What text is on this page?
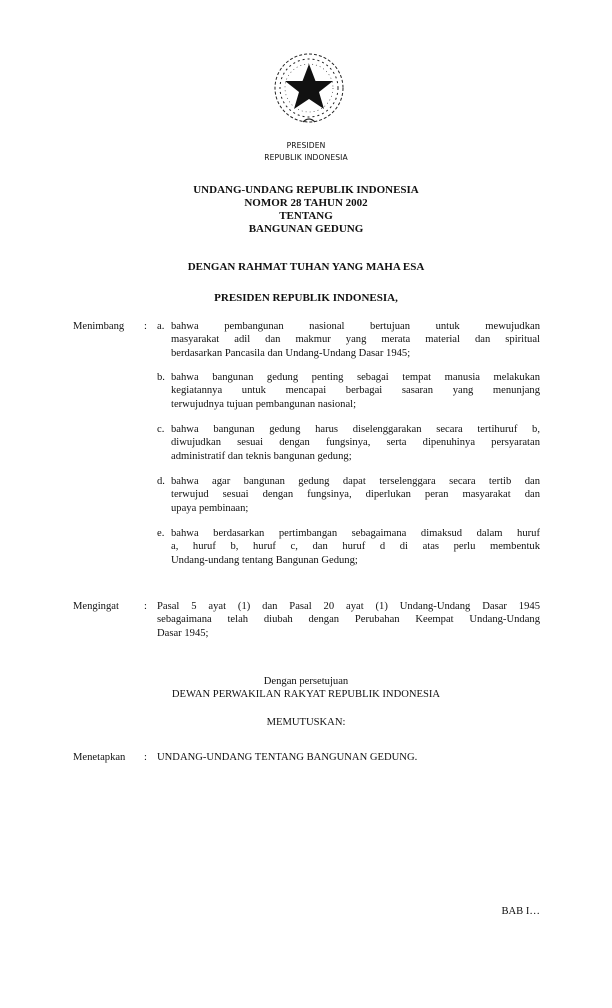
PRESIDEN
REPUBLIK INDONESIA
UNDANG-UNDANG REPUBLIK INDONESIA
NOMOR 28 TAHUN 2002
TENTANG
BANGUNAN GEDUNG
DENGAN RAHMAT TUHAN YANG MAHA ESA
PRESIDEN REPUBLIK INDONESIA,
Menimbang : a. bahwa pembangunan nasional bertujuan untuk mewujudkan
masyarakat adil dan makmur yang merata material dan spiritual
berdasarkan Pancasila dan Undang-Undang Dasar 1945;
b. bahwa bangunan gedung penting sebagai tempat manusia melakukan
kegiatannya untuk mencapai berbagai sasaran yang menunjang
terwujudnya tujuan pembangunan nasional;
c. bahwa bangunan gedung harus diselenggarakan secara tertihuruf b,
diwujudkan sesuai dengan fungsinya, serta dipenuhinya persyaratan
administratif dan teknis bangunan gedung;
d. bahwa agar bangunan gedung dapat terselenggara secara tertib dan
terwujud sesuai dengan fungsinya, diperlukan peran masyarakat dan
upaya pembinaan;
e. bahwa berdasarkan pertimbangan sebagaimana dimaksud dalam huruf
a, huruf b, huruf c, dan huruf d di atas perlu membentuk
Undang-undang tentang Bangunan Gedung;
Mengingat : Pasal 5 ayat (1) dan Pasal 20 ayat (1) Undang-Undang Dasar 1945
sebagaimana telah diubah dengan Perubahan Keempat Undang-Undang
Dasar 1945;
Dengan persetujuan
DEWAN PERWAKILAN RAKYAT REPUBLIK INDONESIA
MEMUTUSKAN:
Menetapkan : UNDANG-UNDANG TENTANG BANGUNAN GEDUNG.
BAB I…
